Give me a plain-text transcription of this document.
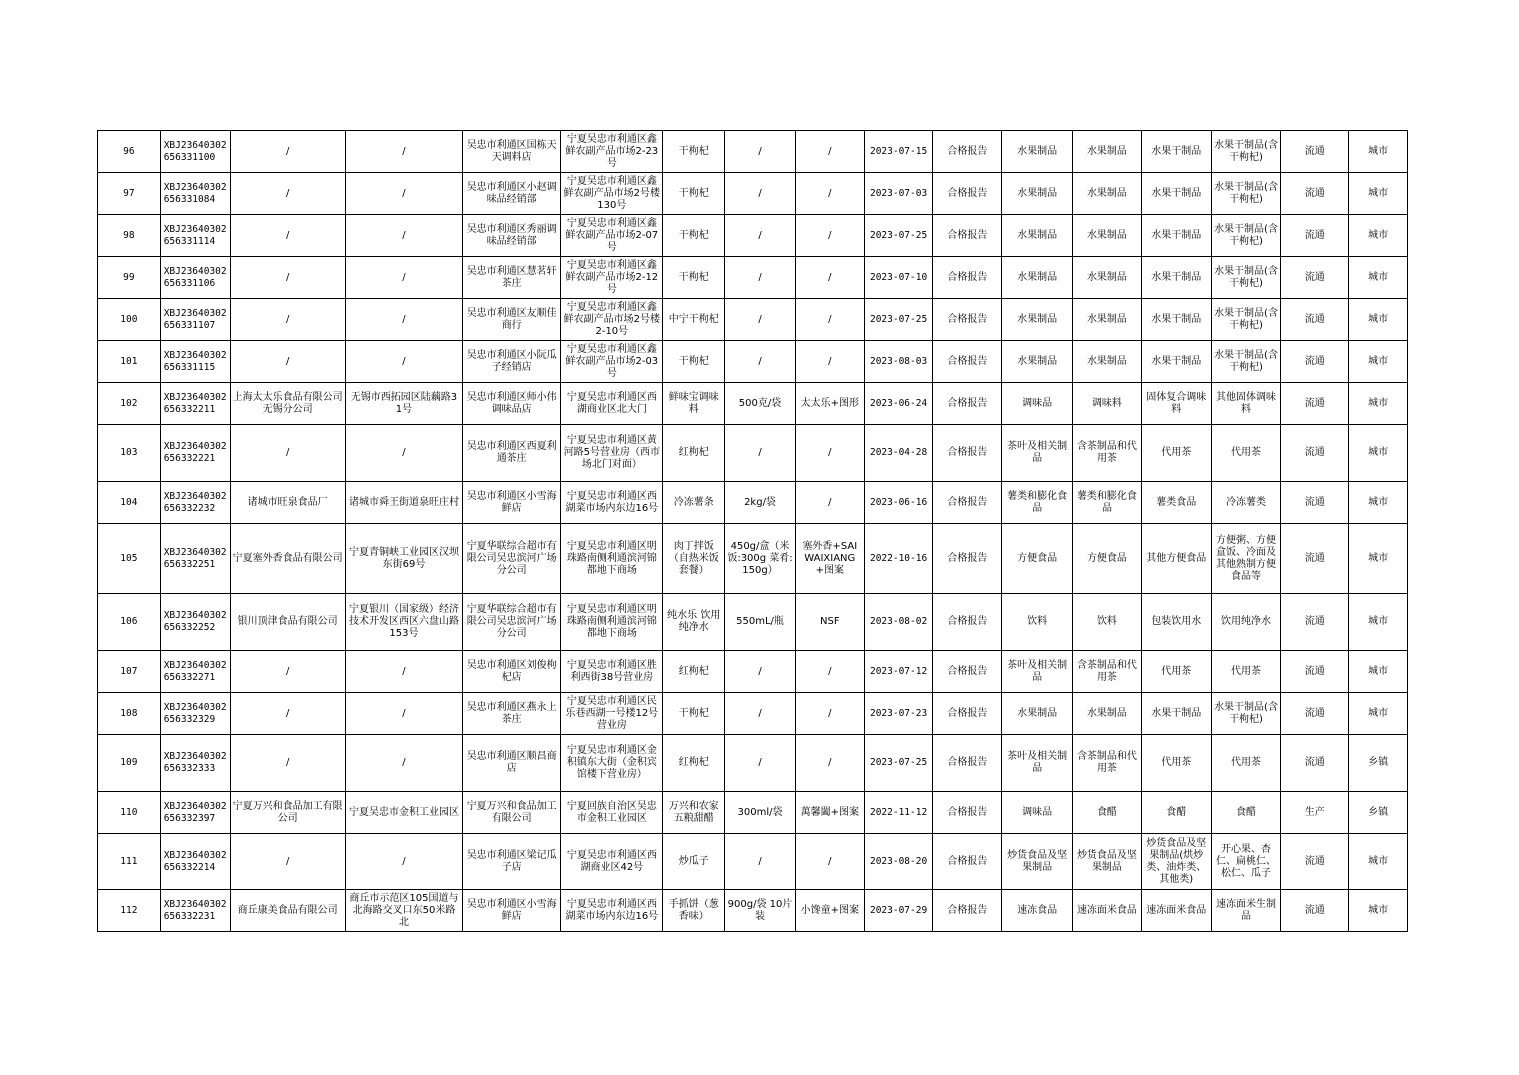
96	XBJ23640302656331100	/	/	吴忠市利通区国栋天天调料店	宁夏吴忠市利通区鑫鲜农副产品市场2-23号	干枸杞	/	/	2023-07-15	合格报告	水果制品	水果制品	水果干制品	水果干制品(含干枸杞)	流通	城市
97	XBJ23640302656331084	/	/	吴忠市利通区小赵调味品经销部	宁夏吴忠市利通区鑫鲜农副产品市场2号楼130号	干枸杞	/	/	2023-07-03	合格报告	水果制品	水果制品	水果干制品	水果干制品(含干枸杞)	流通	城市
98	XBJ23640302656331114	/	/	吴忠市利通区秀丽调味品经销部	宁夏吴忠市利通区鑫鲜农副产品市场2-07号	干枸杞	/	/	2023-07-25	合格报告	水果制品	水果制品	水果干制品	水果干制品(含干枸杞)	流通	城市
99	XBJ23640302656331106	/	/	吴忠市利通区慧茗轩茶庄	宁夏吴忠市利通区鑫鲜农副产品市场2-12号	干枸杞	/	/	2023-07-10	合格报告	水果制品	水果制品	水果干制品	水果干制品(含干枸杞)	流通	城市
100	XBJ23640302656331107	/	/	吴忠市利通区友顺佳商行	宁夏吴忠市利通区鑫鲜农副产品市场2号楼2-10号	中宁干枸杞	/	/	2023-07-25	合格报告	水果制品	水果制品	水果干制品	水果干制品(含干枸杞)	流通	城市
101	XBJ23640302656331115	/	/	吴忠市利通区小阮瓜子经销店	宁夏吴忠市利通区鑫鲜农副产品市场2-03号	干枸杞	/	/	2023-08-03	合格报告	水果制品	水果制品	水果干制品	水果干制品(含干枸杞)	流通	城市
102	XBJ23640302656332211	上海太太乐食品有限公司无锡分公司	无锡市西拓园区陆藕路31号	吴忠市利通区师小伟调味品店	宁夏吴忠市利通区西湖商业区北大门	鲜味宝调味料	500克/袋	太太乐+图形	2023-06-24	合格报告	调味品	调味料	固体复合调味料	其他固体调味料	流通	城市
103	XBJ23640302656332221	/	/	吴忠市利通区西夏利通茶庄	宁夏吴忠市利通区黄河路5号营业房（西市场北门对面）	红枸杞	/	/	2023-04-28	合格报告	茶叶及相关制品	含茶制品和代用茶	代用茶	代用茶	流通	城市
104	XBJ23640302656332232	诸城市旺泉食品厂	诸城市舜王街道泉旺庄村	吴忠市利通区小雪海鲜店	宁夏吴忠市利通区西湖菜市场内东边16号	冷冻薯条	2kg/袋	/	2023-06-16	合格报告	薯类和膨化食品	薯类和膨化食品	薯类食品	冷冻薯类	流通	城市
105	XBJ23640302656332251	宁夏塞外香食品有限公司	宁夏青铜峡工业园区汉坝东街69号	宁夏华联综合超市有限公司吴忠滨河广场分公司	宁夏吴忠市利通区明珠路南侧利通滨河锦都地下商场	肉丁拌饭（自热米饭套餐）	450g/盒（米饭:300g 菜肴:150g）	塞外香+SAIWAIXIANG+图案	2022-10-16	合格报告	方便食品	方便食品	其他方便食品	方便粥、方便盒饭、冷面及其他熟制方便食品等	流通	城市
106	XBJ23640302656332252	银川顶津食品有限公司	宁夏银川（国家级）经济技术开发区西区六盘山路153号	宁夏华联综合超市有限公司吴忠滨河广场分公司	宁夏吴忠市利通区明珠路南侧利通滨河锦都地下商场	纯水乐 饮用纯净水	550mL/瓶	NSF	2023-08-02	合格报告	饮料	饮料	包装饮用水	饮用纯净水	流通	城市
107	XBJ23640302656332271	/	/	吴忠市利通区刘俊枸杞店	宁夏吴忠市利通区胜利西街38号营业房	红枸杞	/	/	2023-07-12	合格报告	茶叶及相关制品	含茶制品和代用茶	代用茶	代用茶	流通	城市
108	XBJ23640302656332329	/	/	吴忠市利通区燕永上茶庄	宁夏吴忠市利通区民乐巷西湖一号楼12号营业房	干枸杞	/	/	2023-07-23	合格报告	水果制品	水果制品	水果干制品	水果干制品(含干枸杞)	流通	城市
109	XBJ23640302656332333	/	/	吴忠市利通区顺昌商店	宁夏吴忠市利通区金积镇东大街（金积宾馆楼下营业房）	红枸杞	/	/	2023-07-25	合格报告	茶叶及相关制品	含茶制品和代用茶	代用茶	代用茶	流通	乡镇
110	XBJ23640302656332397	宁夏万兴和食品加工有限公司	宁夏吴忠市金积工业园区	宁夏万兴和食品加工有限公司	宁夏回族自治区吴忠市金积工业园区	万兴和农家五粮甜醋	300ml/袋	萬馨闔+图案	2022-11-12	合格报告	调味品	食醋	食醋	食醋	生产	乡镇
111	XBJ23640302656332214	/	/	吴忠市利通区梁记瓜子店	宁夏吴忠市利通区西湖商业区42号	炒瓜子	/	/	2023-08-20	合格报告	炒货食品及坚果制品	炒货食品及坚果制品	炒货食品及坚果制品(烘炒类、油炸类、其他类)	开心果、杏仁、扁桃仁、松仁、瓜子	流通	城市
112	XBJ23640302656332231	商丘康美食品有限公司	商丘市示范区105国道与北海路交叉口东50米路北	吴忠市利通区小雪海鲜店	宁夏吴忠市利通区西湖菜市场内东边16号	手抓饼（葱香味）	900g/袋 10片装	小馋童+图案	2023-07-29	合格报告	速冻食品	速冻面米食品	速冻面米食品	速冻面米生制品	流通	城市
